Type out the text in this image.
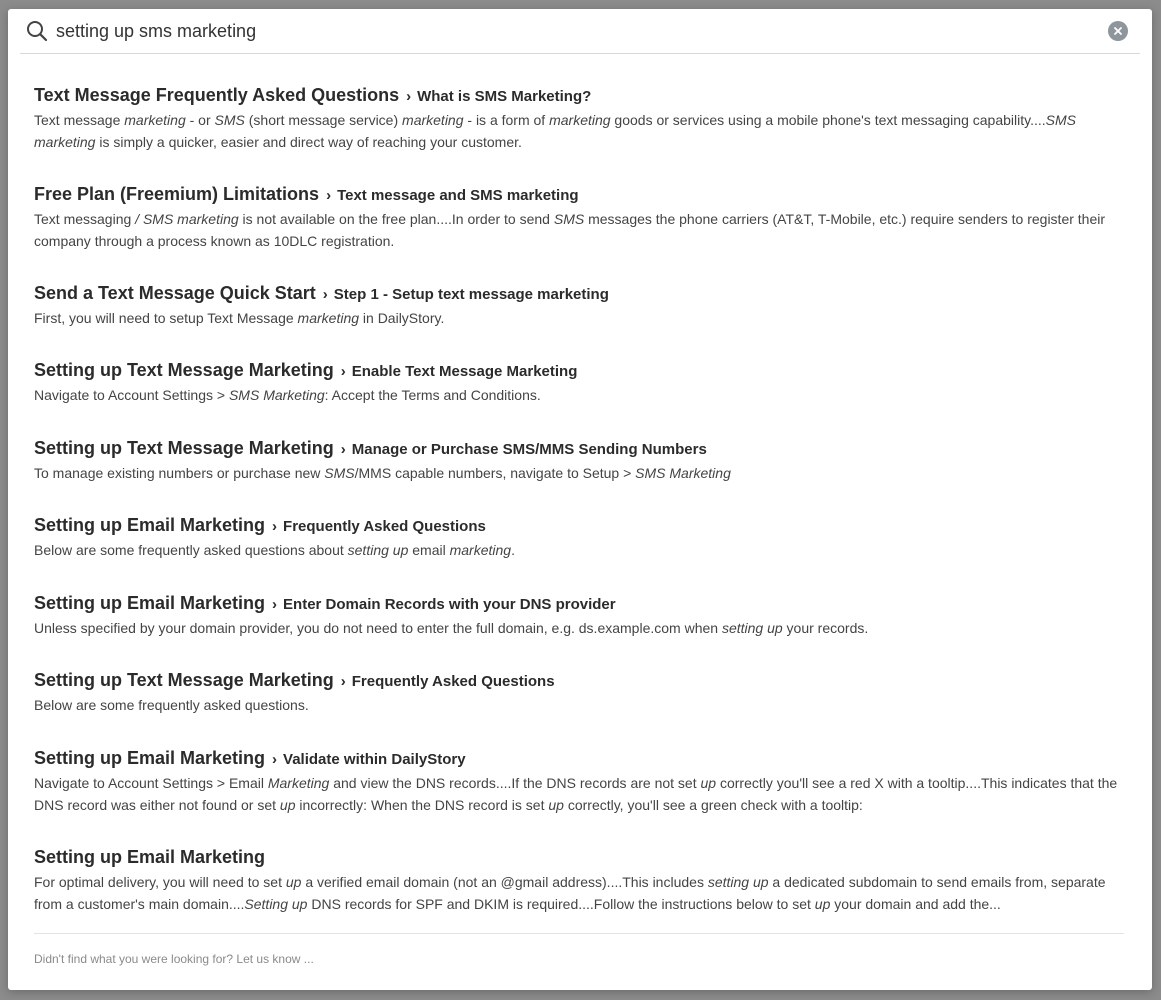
setting up sms marketing
Text Message Frequently Asked Questions › What is SMS Marketing?
Text message marketing - or SMS (short message service) marketing - is a form of marketing goods or services using a mobile phone's text messaging capability....SMS marketing is simply a quicker, easier and direct way of reaching your customer.
Free Plan (Freemium) Limitations › Text message and SMS marketing
Text messaging / SMS marketing is not available on the free plan....In order to send SMS messages the phone carriers (AT&T, T-Mobile, etc.) require senders to register their company through a process known as 10DLC registration.
Send a Text Message Quick Start › Step 1 - Setup text message marketing
First, you will need to setup Text Message marketing in DailyStory.
Setting up Text Message Marketing › Enable Text Message Marketing
Navigate to Account Settings > SMS Marketing: Accept the Terms and Conditions.
Setting up Text Message Marketing › Manage or Purchase SMS/MMS Sending Numbers
To manage existing numbers or purchase new SMS/MMS capable numbers, navigate to Setup > SMS Marketing
Setting up Email Marketing › Frequently Asked Questions
Below are some frequently asked questions about setting up email marketing.
Setting up Email Marketing › Enter Domain Records with your DNS provider
Unless specified by your domain provider, you do not need to enter the full domain, e.g. ds.example.com when setting up your records.
Setting up Text Message Marketing › Frequently Asked Questions
Below are some frequently asked questions.
Setting up Email Marketing › Validate within DailyStory
Navigate to Account Settings > Email Marketing and view the DNS records....If the DNS records are not set up correctly you'll see a red X with a tooltip....This indicates that the DNS record was either not found or set up incorrectly: When the DNS record is set up correctly, you'll see a green check with a tooltip:
Setting up Email Marketing
For optimal delivery, you will need to set up a verified email domain (not an @gmail address)....This includes setting up a dedicated subdomain to send emails from, separate from a customer's main domain....Setting up DNS records for SPF and DKIM is required....Follow the instructions below to set up your domain and add the...
Didn't find what you were looking for? Let us know ...
